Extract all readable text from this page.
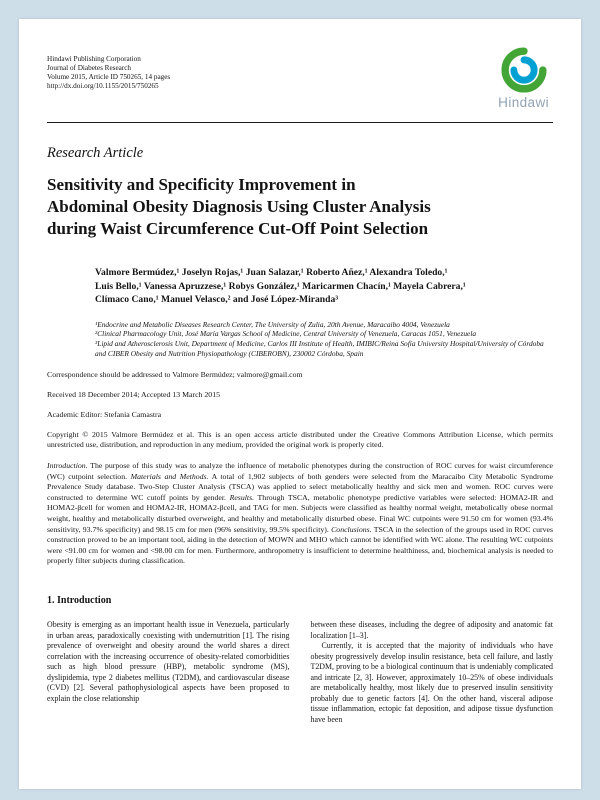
Hindawi Publishing Corporation
Journal of Diabetes Research
Volume 2015, Article ID 750265, 14 pages
http://dx.doi.org/10.1155/2015/750265
Hindawi
Research Article
Sensitivity and Specificity Improvement in
Abdominal Obesity Diagnosis Using Cluster Analysis
during Waist Circumference Cut-Off Point Selection
Valmore Bermúdez,¹ Joselyn Rojas,¹ Juan Salazar,¹ Roberto Añez,¹ Alexandra Toledo,¹
Luis Bello,¹ Vanessa Apruzzese,¹ Robys González,¹ Maricarmen Chacín,¹ Mayela Cabrera,¹
Clímaco Cano,¹ Manuel Velasco,² and José López-Miranda³
¹Endocrine and Metabolic Diseases Research Center, The University of Zulia, 20th Avenue, Maracaibo 4004, Venezuela
²Clinical Pharmacology Unit, José María Vargas School of Medicine, Central University of Venezuela, Caracas 1051, Venezuela
³Lipid and Atherosclerosis Unit, Department of Medicine, Carlos III Institute of Health, IMIBIC/Reina Sofía University Hospital/University of Córdoba and CIBER Obesity and Nutrition Physiopathology (CIBEROBN), 230002 Córdoba, Spain
Correspondence should be addressed to Valmore Bermúdez; valmore@gmail.com
Received 18 December 2014; Accepted 13 March 2015
Academic Editor: Stefania Camastra

Copyright © 2015 Valmore Bermúdez et al. This is an open access article distributed under the Creative Commons Attribution License, which permits unrestricted use, distribution, and reproduction in any medium, provided the original work is properly cited.

Introduction. The purpose of this study was to analyze the influence of metabolic phenotypes during the construction of ROC curves for waist circumference (WC) cutpoint selection. Materials and Methods. A total of 1,902 subjects of both genders were selected from the Maracaibo City Metabolic Syndrome Prevalence Study database. Two-Step Cluster Analysis (TSCA) was applied to select metabolically healthy and sick men and women. ROC curves were constructed to determine WC cutoff points by gender. Results. Through TSCA, metabolic phenotype predictive variables were selected: HOMA2-IR and HOMA2-βcell for women and HOMA2-IR, HOMA2-βcell, and TAG for men. Subjects were classified as healthy normal weight, metabolically obese normal weight, healthy and metabolically disturbed overweight, and healthy and metabolically disturbed obese. Final WC cutpoints were 91.50 cm for women (93.4% sensitivity, 93.7% specificity) and 98.15 cm for men (96% sensitivity, 99.5% specificity). Conclusions. TSCA in the selection of the groups used in ROC curves construction proved to be an important tool, aiding in the detection of MOWN and MHO which cannot be identified with WC alone. The resulting WC cutpoints were <91.00 cm for women and <98.00 cm for men. Furthermore, anthropometry is insufficient to determine healthiness, and, biochemical analysis is needed to properly filter subjects during classification.

1. Introduction

Obesity is emerging as an important health issue in Venezuela, particularly in urban areas, paradoxically coexisting with undernutrition [1]. The rising prevalence of overweight and obesity around the world shares a direct correlation with the increasing occurrence of obesity-related comorbidities such as high blood pressure (HBP), metabolic syndrome (MS), dyslipidemia, type 2 diabetes mellitus (T2DM), and cardiovascular disease (CVD) [2]. Several pathophysiological aspects have been proposed to explain the close relationship

between these diseases, including the degree of adiposity and anatomic fat localization [1–3].

Currently, it is accepted that the majority of individuals who have obesity progressively develop insulin resistance, beta cell failure, and lastly T2DM, proving to be a biological continuum that is undeniably complicated and intricate [2, 3]. However, approximately 10–25% of obese individuals are metabolically healthy, most likely due to preserved insulin sensitivity probably due to genetic factors [4]. On the other hand, visceral adipose tissue inflammation, ectopic fat deposition, and adipose tissue dysfunction have been
